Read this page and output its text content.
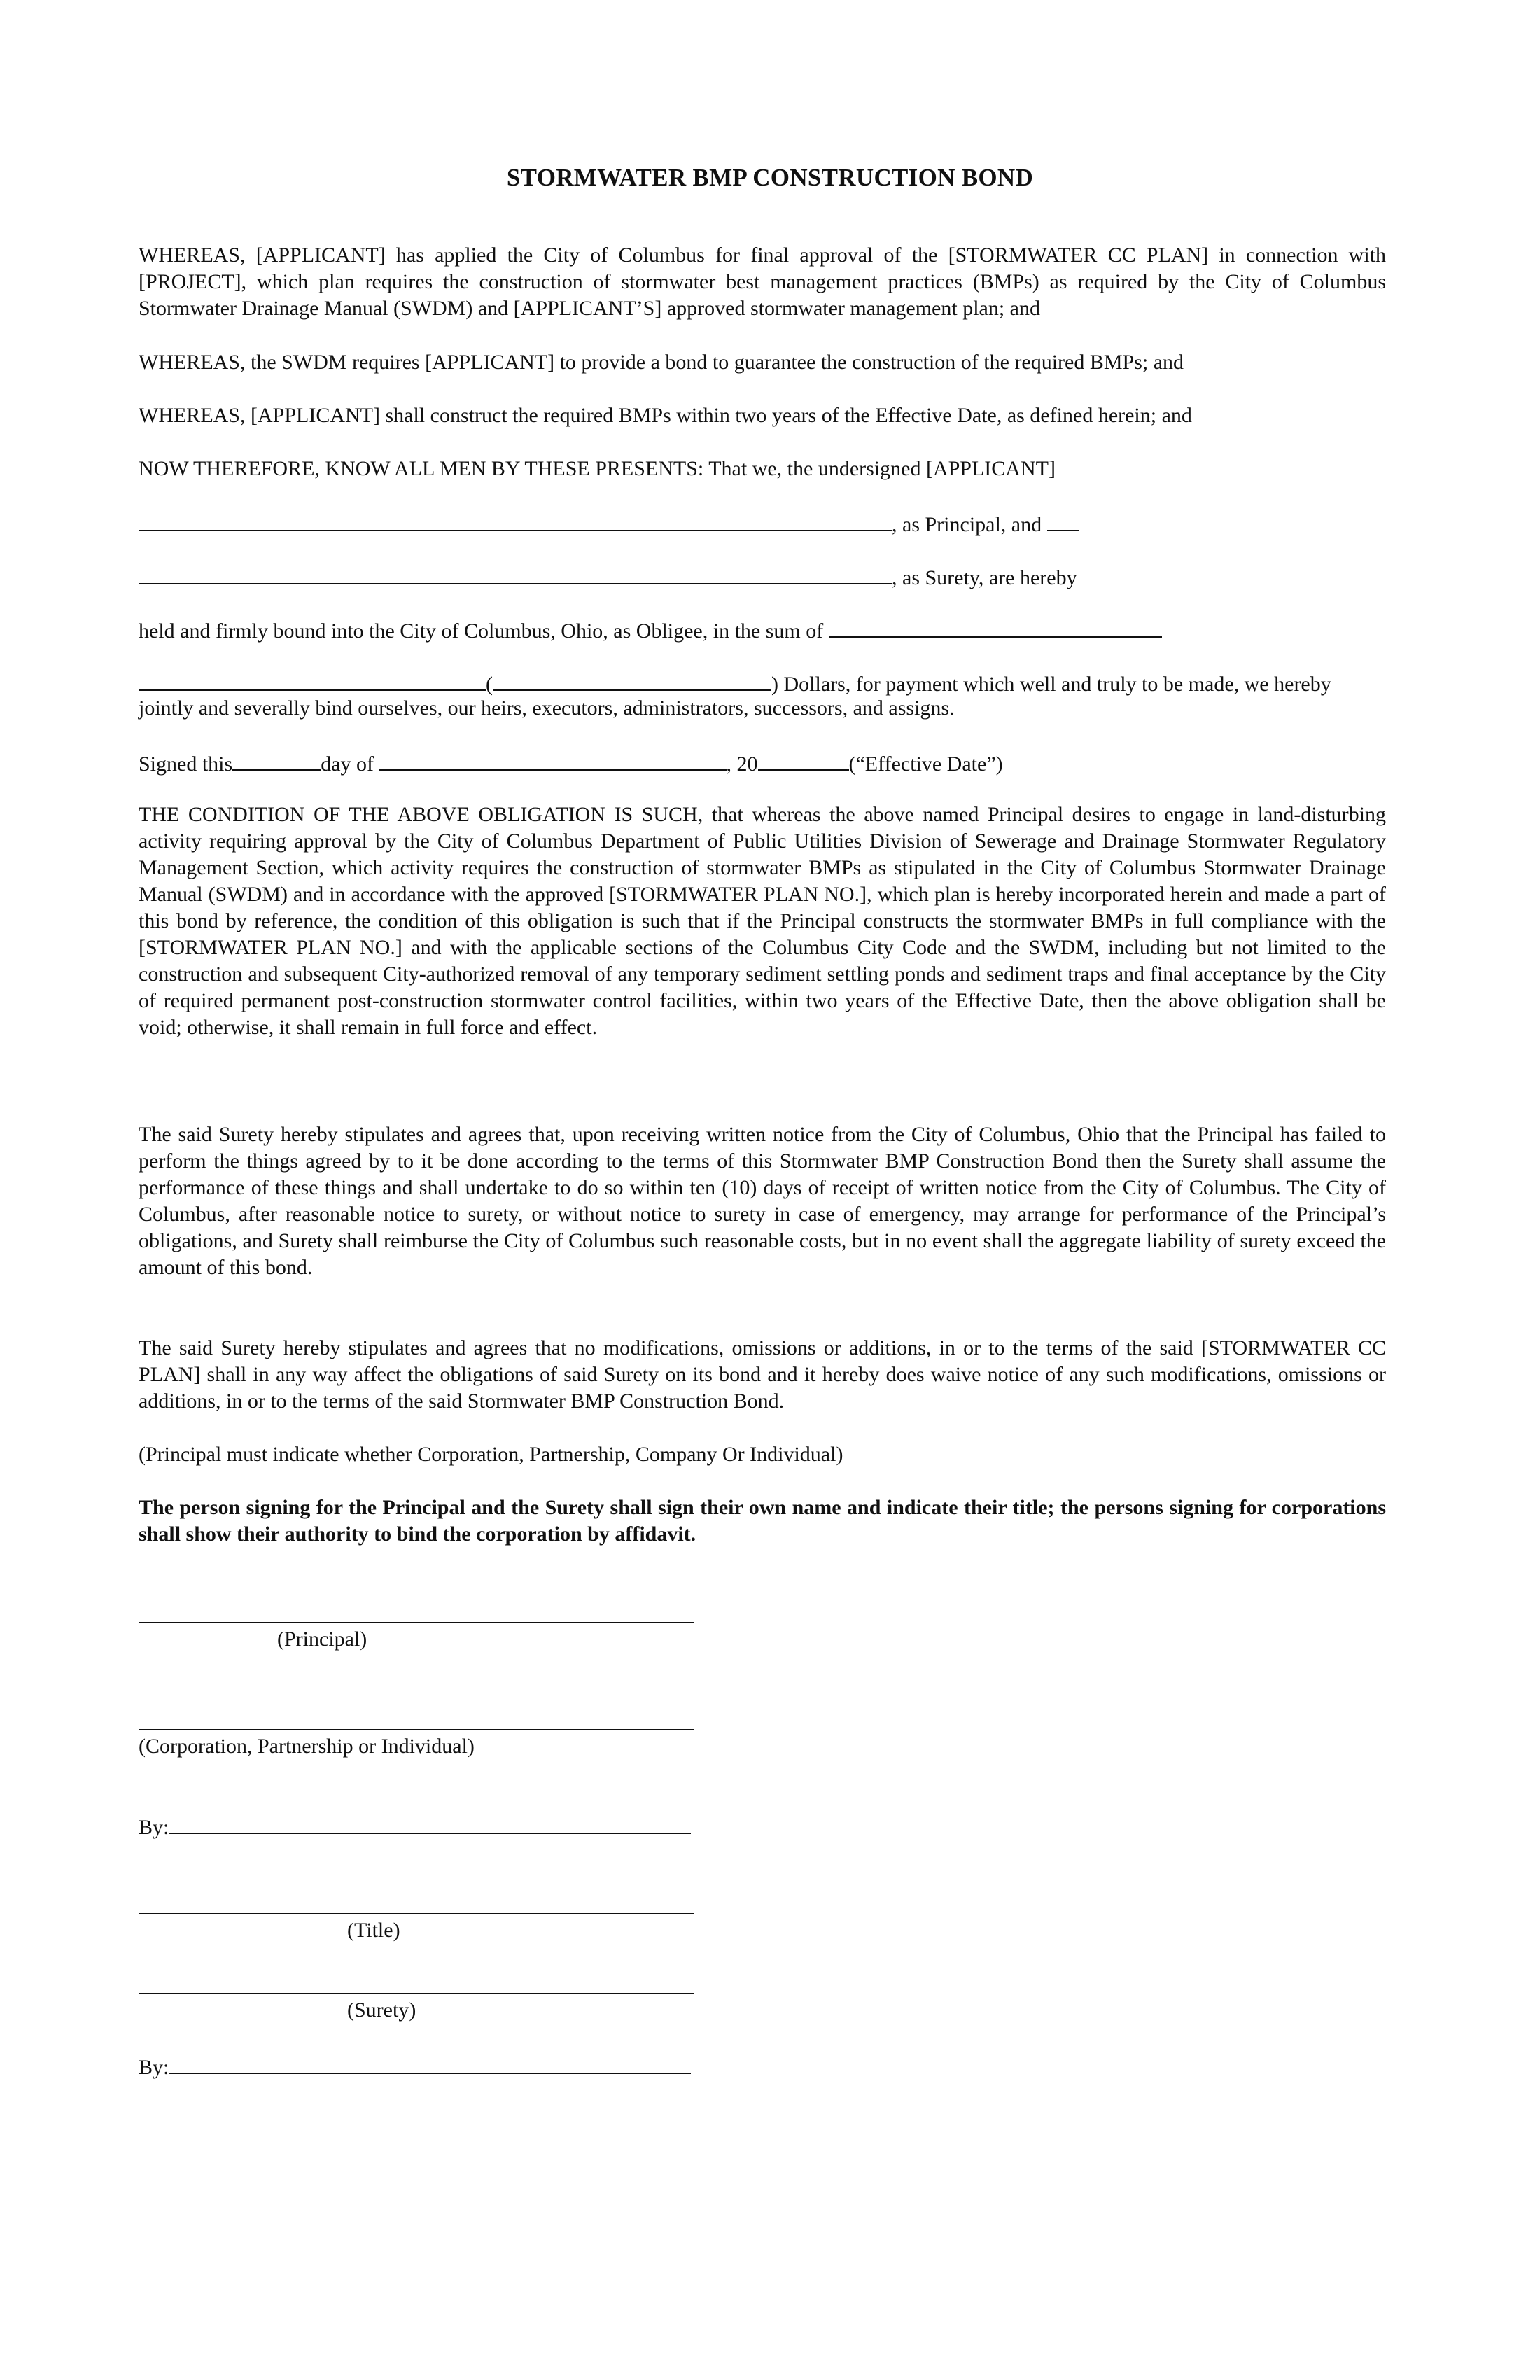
STORMWATER BMP CONSTRUCTION BOND

WHEREAS, [APPLICANT] has applied the City of Columbus for final approval of the [STORMWATER CC PLAN] in connection with [PROJECT], which plan requires the construction of stormwater best management practices (BMPs) as required by the City of Columbus Stormwater Drainage Manual (SWDM) and [APPLICANT’S] approved stormwater management plan; and

WHEREAS, the SWDM requires [APPLICANT] to provide a bond to guarantee the construction of the required BMPs; and

WHEREAS, [APPLICANT] shall construct the required BMPs within two years of the Effective Date, as defined herein; and

NOW THEREFORE, KNOW ALL MEN BY THESE PRESENTS: That we, the undersigned [APPLICANT]

, as Principal, and
, as Surety, are hereby
held and firmly bound into the City of Columbus, Ohio, as Obligee, in the sum of
(	) Dollars, for payment which well and truly to be made, we hereby
jointly and severally bind ourselves, our heirs, executors, administrators, successors, and assigns.
Signed this	day of	, 20	(“Effective Date”)

THE CONDITION OF THE ABOVE OBLIGATION IS SUCH, that whereas the above named Principal desires to engage in land-disturbing activity requiring approval by the City of Columbus Department of Public Utilities Division of Sewerage and Drainage Stormwater Regulatory Management Section, which activity requires the construction of stormwater BMPs as stipulated in the City of Columbus Stormwater Drainage Manual (SWDM) and in accordance with the approved [STORMWATER PLAN NO.], which plan is hereby incorporated herein and made a part of this bond by reference, the condition of this obligation is such that if the Principal constructs the stormwater BMPs in full compliance with the [STORMWATER PLAN NO.] and with the applicable sections of the Columbus City Code and the SWDM, including but not limited to the construction and subsequent City-authorized removal of any temporary sediment settling ponds and sediment traps and final acceptance by the City of required permanent post-construction stormwater control facilities, within two years of the Effective Date, then the above obligation shall be void; otherwise, it shall remain in full force and effect.

The said Surety hereby stipulates and agrees that, upon receiving written notice from the City of Columbus, Ohio that the Principal has failed to perform the things agreed by to it be done according to the terms of this Stormwater BMP Construction Bond then the Surety shall assume the performance of these things and shall undertake to do so within ten (10) days of receipt of written notice from the City of Columbus. The City of Columbus, after reasonable notice to surety, or without notice to surety in case of emergency, may arrange for performance of the Principal’s obligations, and Surety shall reimburse the City of Columbus such reasonable costs, but in no event shall the aggregate liability of surety exceed the amount of this bond.

The said Surety hereby stipulates and agrees that no modifications, omissions or additions, in or to the terms of the said [STORMWATER CC PLAN] shall in any way affect the obligations of said Surety on its bond and it hereby does waive notice of any such modifications, omissions or additions, in or to the terms of the said Stormwater BMP Construction Bond.

(Principal must indicate whether Corporation, Partnership, Company Or Individual)

The person signing for the Principal and the Surety shall sign their own name and indicate their title; the persons signing for corporations shall show their authority to bind the corporation by affidavit.

(Principal)
(Corporation, Partnership or Individual)
By:
(Title)
(Surety)
By:
